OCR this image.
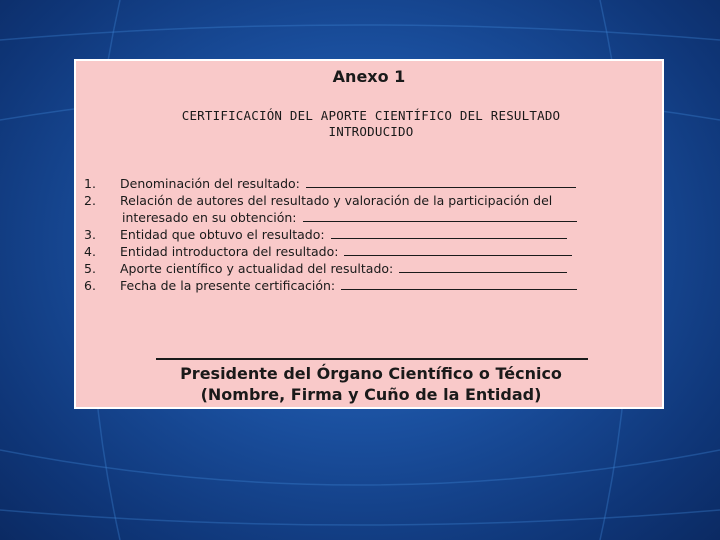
Anexo 1
CERTIFICACIÓN DEL APORTE CIENTÍFICO DEL RESULTADO
INTRODUCIDO
1. Denominación del resultado:
2. Relación de autores del resultado y valoración de la participación del
interesado en su obtención:
3. Entidad que obtuvo el resultado:
4. Entidad introductora del resultado:
5. Aporte científico y actualidad del resultado:
6. Fecha de la presente certificación:
Presidente del Órgano Científico o Técnico
(Nombre, Firma y Cuño de la Entidad)
